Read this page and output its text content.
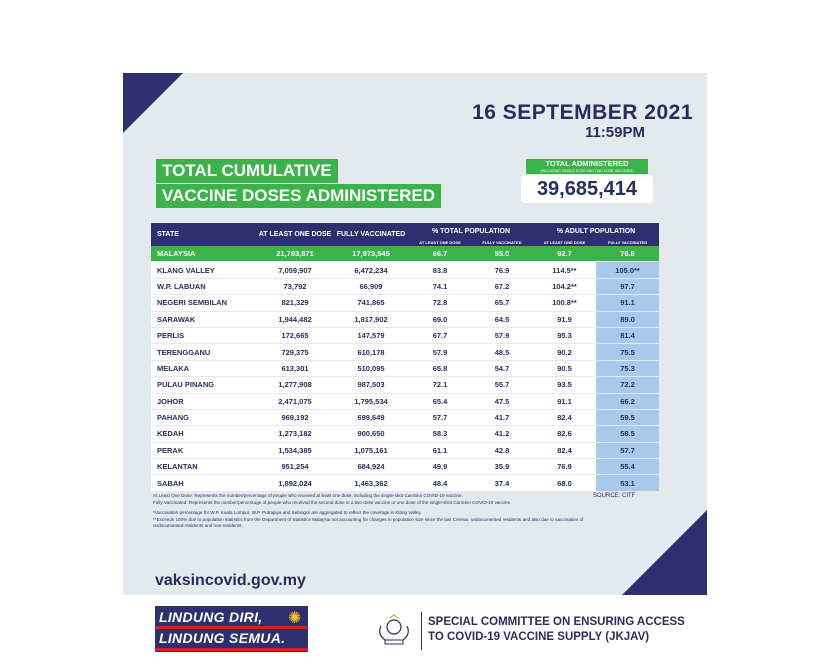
16 SEPTEMBER 2021
11:59PM
TOTAL CUMULATIVE
VACCINE DOSES ADMINISTERED
TOTAL ADMINISTERED
(INCLUDING SINGLE DOSE AND TWO DOSE VACCINES)
39,685,414
STATE	AT LEAST ONE DOSE	FULLY VACCINATED	% TOTAL POPULATION		% ADULT POPULATION	
			AT LEAST ONE DOSE	FULLY VACCINATED	AT LEAST ONE DOSE	FULLY VACCINATED
MALAYSIA	21,783,871	17,973,545	66.7	55.0	92.7	76.8
KLANG VALLEY	7,059,907	6,472,234	83.8	76.9	114.5**	105.0**
W.P. LABUAN	73,792	66,909	74.1	67.2	104.2**	97.7
NEGERI SEMBILAN	821,329	741,865	72.8	65.7	100.8**	91.1
SARAWAK	1,944,482	1,817,902	69.0	64.5	91.9	89.0
PERLIS	172,665	147,579	67.7	57.9	95.3	81.4
TERENGGANU	729,375	610,178	57.9	48.5	90.2	75.5
MELAKA	613,301	510,095	65.8	54.7	90.5	75.3
PULAU PINANG	1,277,908	987,503	72.1	55.7	93.5	72.2
JOHOR	2,471,075	1,795,534	65.4	47.5	91.1	66.2
PAHANG	969,192	699,649	57.7	41.7	82.4	59.5
KEDAH	1,273,182	900,650	58.3	41.2	82.6	58.5
PERAK	1,534,385	1,075,161	61.1	42.8	82.4	57.7
KELANTAN	951,254	684,924	49.9	35.9	76.9	55.4
SABAH	1,892,024	1,463,362	48.4	37.4	68.0	53.1

At Least One Dose: Represents the number/percentage of people who received at least one dose, including the single-shot CanSino COVID-19 vaccine.

Fully Vaccinated: Represents the number/percentage of people who received the second dose in a two-dose vaccine or one dose of the single-shot CanSino COVID-19 vaccine.

*Vaccination percentage for W.P. Kuala Lumpur, W.P. Putrajaya and Selangor are aggregated to reflect the coverage in Klang Valley.

**Exceeds 100% due to population statistics from the Department of Statistics Malaysia not accounting for changes in population size since the last Census, undocumented residents and also due to vaccination of undocumented residents and non-residents.

SOURCE: CITF
vaksincovid.gov.my
LINDUNG DIRI,
LINDUNG SEMUA.
✺	SPECIAL COMMITTEE ON ENSURING ACCESS
TO COVID-19 VACCINE SUPPLY (JKJAV)
